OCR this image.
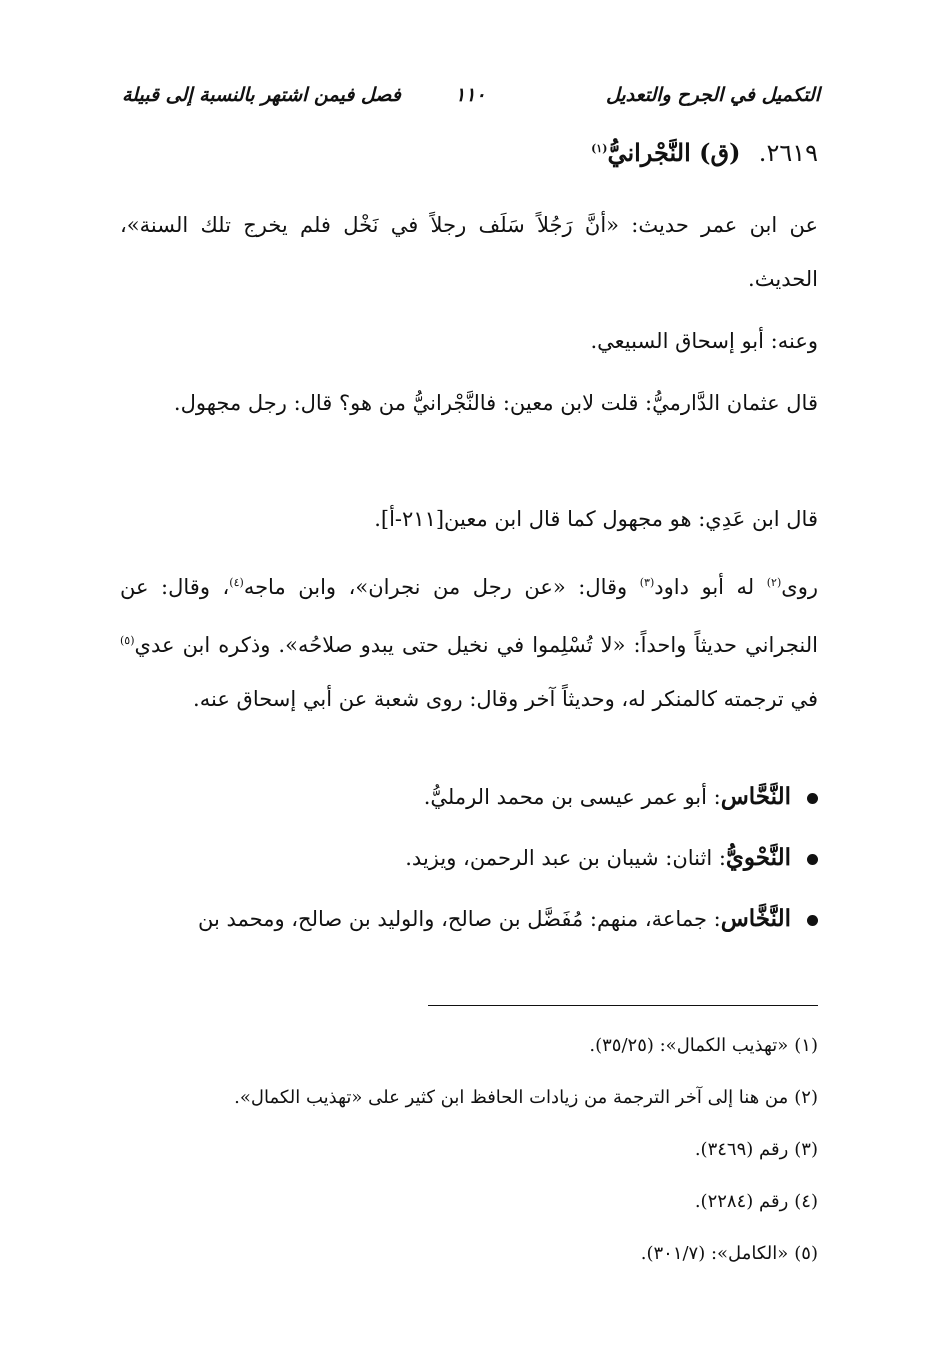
التكميل في الجرح والتعديل
١١٠
فصل فيمن اشتهر بالنسبة إلى قبيلة
٢٦١٩. (ق) النَّجْرانيُّ$^{(١)}$
عن ابن عمر حديث: «أنَّ رَجُلاً سَلَف رجلاً في نَخْل فلم يخرج تلك السنة»، الحديث.
وعنه: أبو إسحاق السبيعي.
قال عثمان الدَّارميُّ: قلت لابن معين: فالنَّجْرانيُّ من هو؟ قال: رجل مجهول.
قال ابن عَدِي: هو مجهول كما قال ابن معين[٢١١-أ].
روى$^{(٢)}$ له أبو داود$^{(٣)}$ وقال: «عن رجل من نجران»، وابن ماجه$^{(٤)}$، وقال: عن النجراني حديثاً واحداً: «لا تُسْلِموا في نخيل حتى يبدو صلاحُه». وذكره ابن عدي$^{(٥)}$ في ترجمته كالمنكر له، وحديثاً آخر وقال: روى شعبة عن أبي إسحاق عنه.
النَّحَّاس: أبو عمر عيسى بن محمد الرمليُّ.
النَّحْويُّ: اثنان: شيبان بن عبد الرحمن، ويزيد.
النَّخَّاس: جماعة، منهم: مُفَضَّل بن صالح، والوليد بن صالح، ومحمد بن
(١)«تهذيب الكمال»: (٣٥/٢٥).
(٢)من هنا إلى آخر الترجمة من زيادات الحافظ ابن كثير على «تهذيب الكمال».
(٣)رقم (٣٤٦٩).
(٤)رقم (٢٢٨٤).
(٥)«الكامل»: (٣٠١/٧).
